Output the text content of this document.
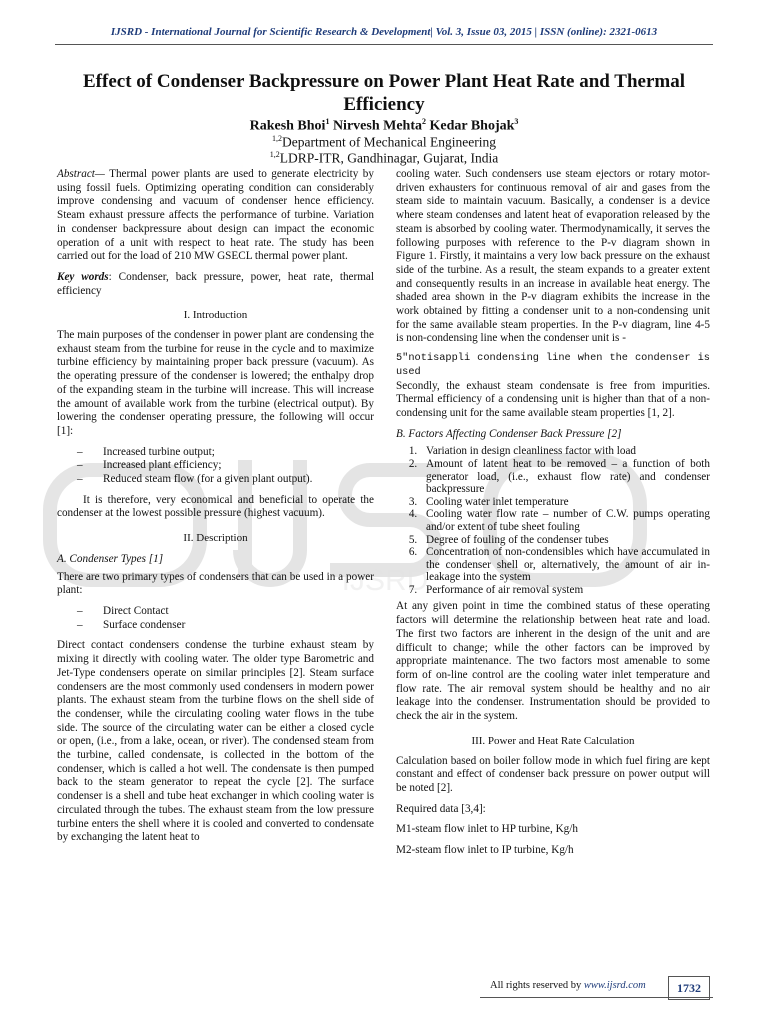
IJSRD - International Journal for Scientific Research & Development| Vol. 3, Issue 03, 2015 | ISSN (online): 2321-0613
Effect of Condenser Backpressure on Power Plant Heat Rate and Thermal Efficiency
Rakesh Bhoi$^1$ Nirvesh Mehta$^2$ Kedar Bhojak$^3$
$^{1,2}$Department of Mechanical Engineering
$^{1,2}$LDRP-ITR, Gandhinagar, Gujarat, India
IJSRD

Abstract— Thermal power plants are used to generate electricity by using fossil fuels. Optimizing operating condition can considerably improve condensing and vacuum of condenser hence efficiency. Steam exhaust pressure affects the performance of turbine. Variation in condenser backpressure about design can impact the economic operation of a unit with respect to heat rate. The study has been carried out for the load of 210 MW GSECL thermal power plant.

Key words: Condenser, back pressure, power, heat rate, thermal efficiency

I. Introduction

The main purposes of the condenser in power plant are condensing the exhaust steam from the turbine for reuse in the cycle and to maximize turbine efficiency by maintaining proper back pressure (vacuum). As the operating pressure of the condenser is lowered; the enthalpy drop of the expanding steam in the turbine will increase. This will increase the amount of available work from the turbine (electrical output). By lowering the condenser operating pressure, the following will occur [1]:

– Increased turbine output;
– Increased plant efficiency;
– Reduced steam flow (for a given plant output).

It is therefore, very economical and beneficial to operate the condenser at the lowest possible pressure (highest vacuum).

II. Description
A. Condenser Types [1]

There are two primary types of condensers that can be used in a power plant:

– Direct Contact
– Surface condenser

Direct contact condensers condense the turbine exhaust steam by mixing it directly with cooling water. The older type Barometric and Jet-Type condensers operate on similar principles [2]. Steam surface condensers are the most commonly used condensers in modern power plants. The exhaust steam from the turbine flows on the shell side of the condenser, while the circulating cooling water flows in the tube side. The source of the circulating water can be either a closed cycle or open, (i.e., from a lake, ocean, or river). The condensed steam from the turbine, called condensate, is collected in the bottom of the condenser, which is called a hot well. The condensate is then pumped back to the steam generator to repeat the cycle [2]. The surface condenser is a shell and tube heat exchanger in which cooling water is circulated through the tubes. The exhaust steam from the low pressure turbine enters the shell where it is cooled and converted to condensate by exchanging the latent heat to

cooling water. Such condensers use steam ejectors or rotary motor-driven exhausters for continuous removal of air and gases from the steam side to maintain vacuum. Basically, a condenser is a device where steam condenses and latent heat of evaporation released by the steam is absorbed by cooling water. Thermodynamically, it serves the following purposes with reference to the P-v diagram shown in Figure 1. Firstly, it maintains a very low back pressure on the exhaust side of the turbine. As a result, the steam expands to a greater extent and consequently results in an increase in available heat energy. The shaded area shown in the P-v diagram exhibits the increase in the work obtained by fitting a condenser unit to a non-condensing unit for the same available steam properties. In the P-v diagram, line 4-5 is non-condensing line when the condenser unit is -

5"notisappli condensing line when the condenser is used

Secondly, the exhaust steam condensate is free from impurities. Thermal efficiency of a condensing unit is higher than that of a non-condensing unit for the same available steam properties [1, 2].

B. Factors Affecting Condenser Back Pressure [2]
1. Variation in design cleanliness factor with load
2. Amount of latent heat to be removed – a function of both generator load, (i.e., exhaust flow rate) and condenser backpressure
3. Cooling water inlet temperature
4. Cooling water flow rate – number of C.W. pumps operating and/or extent of tube sheet fouling
5. Degree of fouling of the condenser tubes
6. Concentration of non-condensibles which have accumulated in the condenser shell or, alternatively, the amount of air in-leakage into the system
7. Performance of air removal system

At any given point in time the combined status of these operating factors will determine the relationship between heat rate and load. The first two factors are inherent in the design of the unit and are difficult to change; while the other factors can be improved by appropriate maintenance. The two factors most amenable to some form of on-line control are the cooling water inlet temperature and flow rate. The air removal system should be healthy and no air leakage into the condenser. Instrumentation should be provided to check the air in the system.

III. Power and Heat Rate Calculation

Calculation based on boiler follow mode in which fuel firing are kept constant and effect of condenser back pressure on power output will be noted [2].

Required data [3,4]:

M1-steam flow inlet to HP turbine, Kg/h

M2-steam flow inlet to IP turbine, Kg/h

All rights reserved by www.ijsrd.com	1732
